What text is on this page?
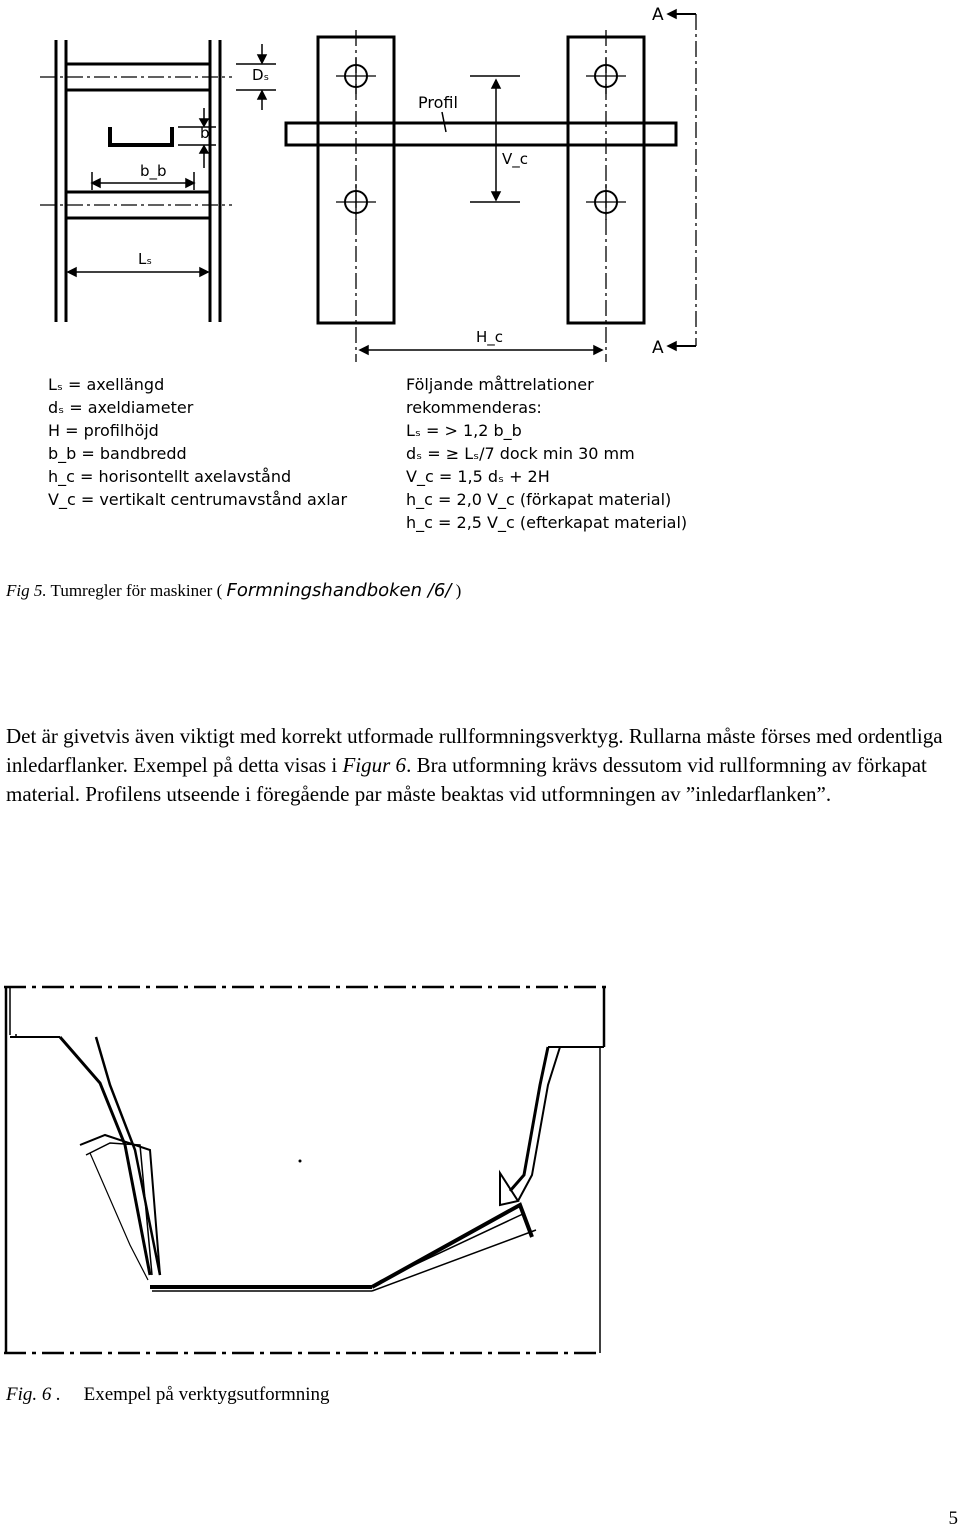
Dₛ
b
b_b
Lₛ
Profil
V_c
H_c
A
A
Lₛ = axellängd
dₛ = axeldiameter
H = profilhöjd
b_b = bandbredd
h_c = horisontellt axelavstånd
V_c = vertikalt centrumavstånd axlar
Följande måttrelationer
rekommenderas:
Lₛ = > 1,2 b_b
dₛ = ≥ Lₛ/7 dock min 30 mm
V_c = 1,5 dₛ + 2H
h_c = 2,0 V_c (förkapat material)
h_c = 2,5 V_c (efterkapat material)
Fig 5. Tumregler för maskiner ( Formningshandboken /6/ )

Det är givetvis även viktigt med korrekt utformade rullformningsverktyg. Rullarna måste förses med ordentliga inledarflanker. Exempel på detta visas i Figur 6. Bra utformning krävs dessutom vid rullformning av förkapat material. Profilens utseende i föregående par måste beaktas vid utformningen av ”inledarflanken”.

Fig. 6 . Exempel på verktygsutformning
5
